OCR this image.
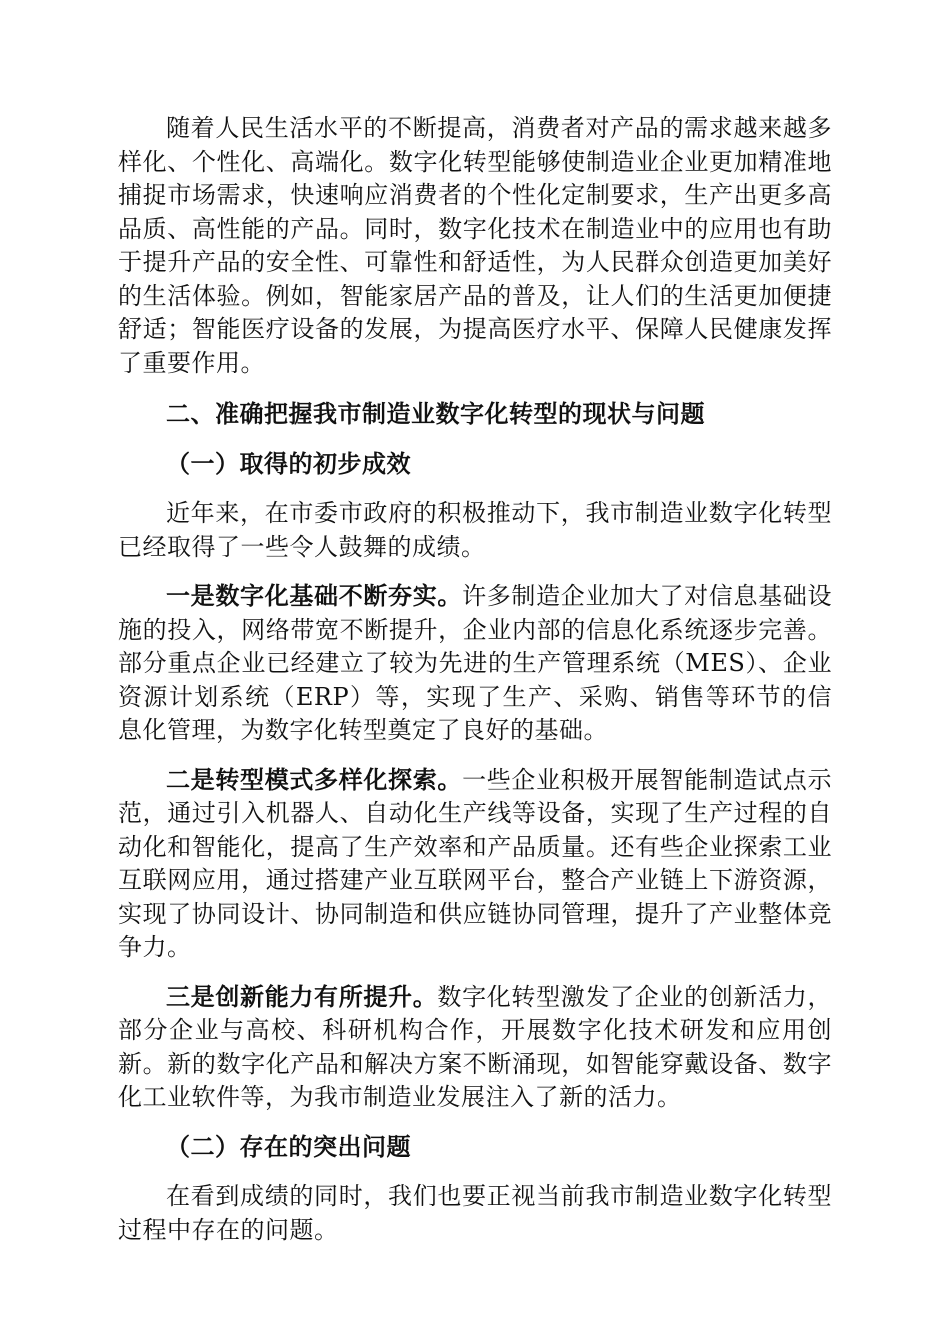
随着人民生活水平的不断提高，消费者对产品的需求越来越多样化、个性化、高端化。数字化转型能够使制造业企业更加精准地捕捉市场需求，快速响应消费者的个性化定制要求，生产出更多高品质、高性能的产品。同时，数字化技术在制造业中的应用也有助于提升产品的安全性、可靠性和舒适性，为人民群众创造更加美好的生活体验。例如，智能家居产品的普及，让人们的生活更加便捷舒适；智能医疗设备的发展，为提高医疗水平、保障人民健康发挥了重要作用。

二、准确把握我市制造业数字化转型的现状与问题

（一）取得的初步成效

近年来，在市委市政府的积极推动下，我市制造业数字化转型已经取得了一些令人鼓舞的成绩。

一是数字化基础不断夯实。许多制造企业加大了对信息基础设施的投入，网络带宽不断提升，企业内部的信息化系统逐步完善。部分重点企业已经建立了较为先进的生产管理系统（MES）、企业资源计划系统（ERP）等，实现了生产、采购、销售等环节的信息化管理，为数字化转型奠定了良好的基础。

二是转型模式多样化探索。一些企业积极开展智能制造试点示范，通过引入机器人、自动化生产线等设备，实现了生产过程的自动化和智能化，提高了生产效率和产品质量。还有些企业探索工业互联网应用，通过搭建产业互联网平台，整合产业链上下游资源，实现了协同设计、协同制造和供应链协同管理，提升了产业整体竞争力。

三是创新能力有所提升。数字化转型激发了企业的创新活力，部分企业与高校、科研机构合作，开展数字化技术研发和应用创新。新的数字化产品和解决方案不断涌现，如智能穿戴设备、数字化工业软件等，为我市制造业发展注入了新的活力。

（二）存在的突出问题

在看到成绩的同时，我们也要正视当前我市制造业数字化转型过程中存在的问题。
